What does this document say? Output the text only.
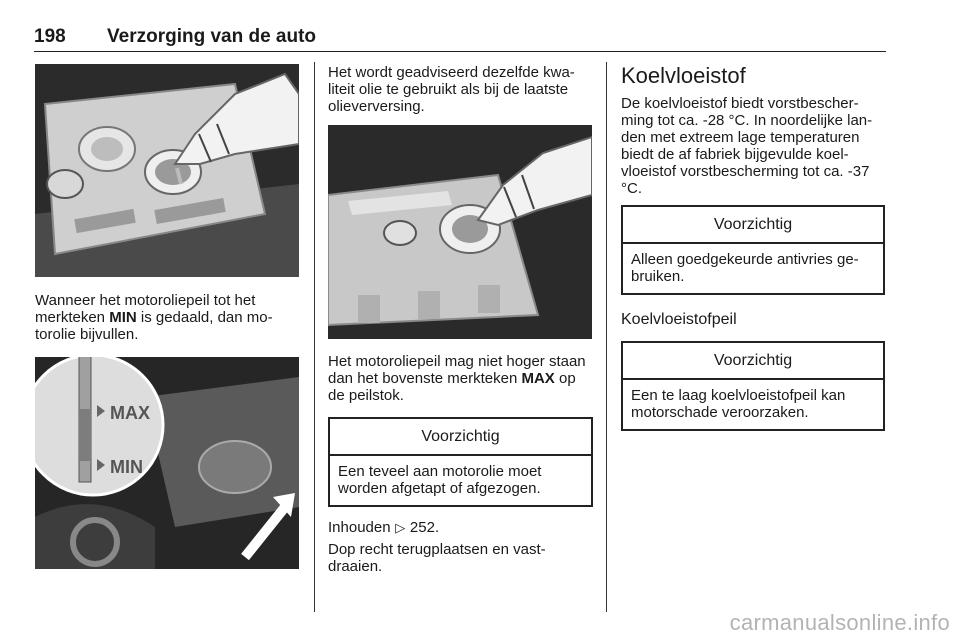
198 Verzorging van de auto

Wanneer het motoroliepeil tot het merkteken MIN is gedaald, dan mo-torolie bijvullen.

MAX
MIN

Het wordt geadviseerd dezelfde kwa-liteit olie te gebruikt als bij de laatste olieverversing.

Het motoroliepeil mag niet hoger staan dan het bovenste merkteken MAX op de peilstok.

Voorzichtig
Een teveel aan motorolie moet worden afgetapt of afgezogen.

Inhouden ▷ 252.

Dop recht terugplaatsen en vast-draaien.

Koelvloeistof

De koelvloeistof biedt vorstbescher-ming tot ca. -28 °C. In noordelijke lan-den met extreem lage temperaturen biedt de af fabriek bijgevulde koel-vloeistof vorstbescherming tot ca. -37 °C.

Voorzichtig
Alleen goedgekeurde antivries ge-bruiken.
Koelvloeistofpeil
Voorzichtig
Een te laag koelvloeistofpeil kan motorschade veroorzaken.
carmanualsonline.info
